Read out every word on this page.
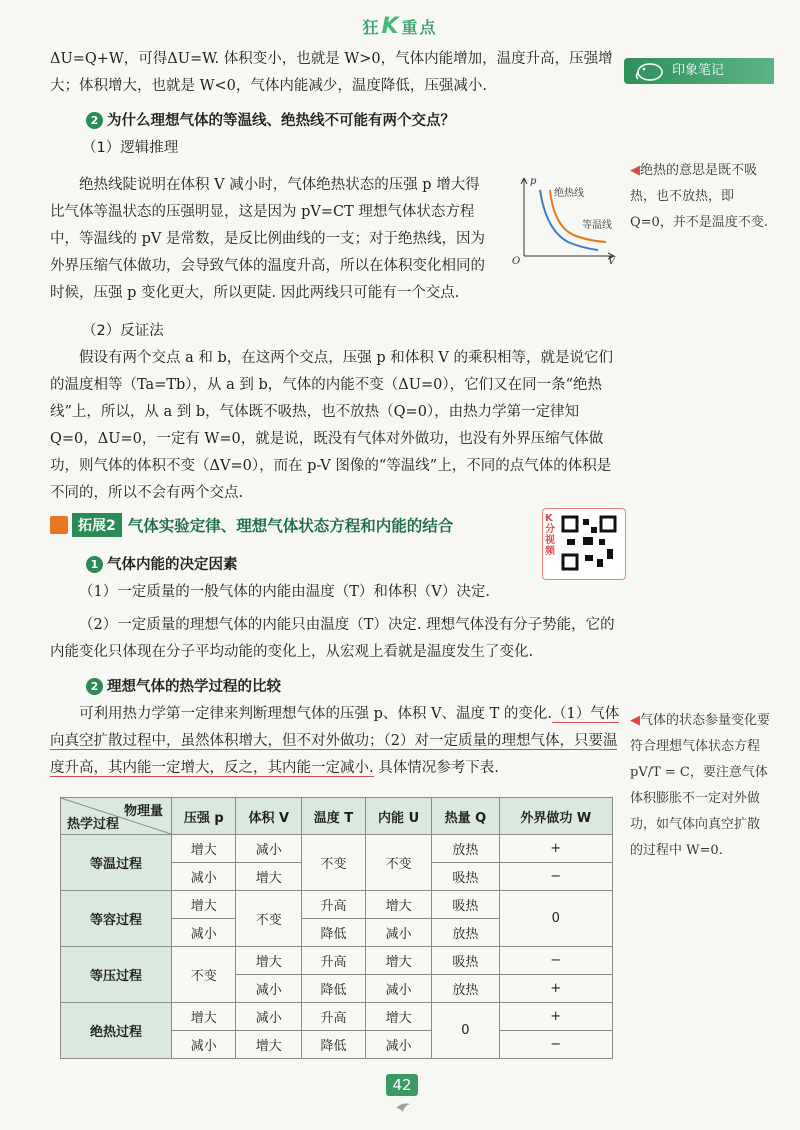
狂K重点
印象笔记
◀绝热的意思是既不吸热，也不放热，即 Q=0，并不是温度不变.
◀气体的状态参量变化要符合理想气体状态方程 pV/T = C，要注意气体体积膨胀不一定对外做功，如气体向真空扩散的过程中 W=0.

ΔU=Q+W，可得ΔU=W. 体积变小，也就是 W>0，气体内能增加，温度升高，压强增大；体积增大，也就是 W<0，气体内能减少，温度降低，压强减小.

2 为什么理想气体的等温线、绝热线不可能有两个交点？

（1）逻辑推理

绝热线陡说明在体积 V 减小时，气体绝热状态的压强 p 增大得比气体等温状态的压强明显，这是因为 pV=CT 理想气体状态方程中，等温线的 pV 是常数，是反比例曲线的一支；对于绝热线，因为外界压缩气体做功，会导致气体的温度升高，所以在体积变化相同的时候，压强 p 变化更大，所以更陡. 因此两线只可能有一个交点.

p
V
O
绝热线
等温线

（2）反证法

假设有两个交点 a 和 b，在这两个交点，压强 p 和体积 V 的乘积相等，就是说它们的温度相等（Ta=Tb），从 a 到 b，气体的内能不变（ΔU=0），它们又在同一条“绝热线”上，所以，从 a 到 b，气体既不吸热，也不放热（Q=0），由热力学第一定律知 Q=0，ΔU=0，一定有 W=0，就是说，既没有气体对外做功，也没有外界压缩气体做功，则气体的体积不变（ΔV=0），而在 p-V 图像的“等温线”上，不同的点气体的体积是不同的，所以不会有两个交点.

拓展2 气体实验定律、理想气体状态方程和内能的结合	K分视频

1 气体内能的决定因素

（1）一定质量的一般气体的内能由温度（T）和体积（V）决定.

（2）一定质量的理想气体的内能只由温度（T）决定. 理想气体没有分子势能，它的内能变化只体现在分子平均动能的变化上，从宏观上看就是温度发生了变化.

2 理想气体的热学过程的比较

可利用热力学第一定律来判断理想气体的压强 p、体积 V、温度 T 的变化.（1）气体向真空扩散过程中，虽然体积增大，但不对外做功；（2）对一定质量的理想气体，只要温度升高，其内能一定增大，反之，其内能一定减小. 具体情况参考下表.

物理量
热学过程	压强 p	体积 V	温度 T	内能 U	热量 Q	外界做功 W
等温过程	增大	减小	不变	不变	放热	+
	减小	增大			吸热	−
等容过程	增大	不变	升高	增大	吸热	0
	减小		降低	减小	放热	
等压过程	不变	增大	升高	增大	吸热	−
		减小	降低	减小	放热	+
绝热过程	增大	减小	升高	增大	0	+
	减小	增大	降低	减小		−
42
